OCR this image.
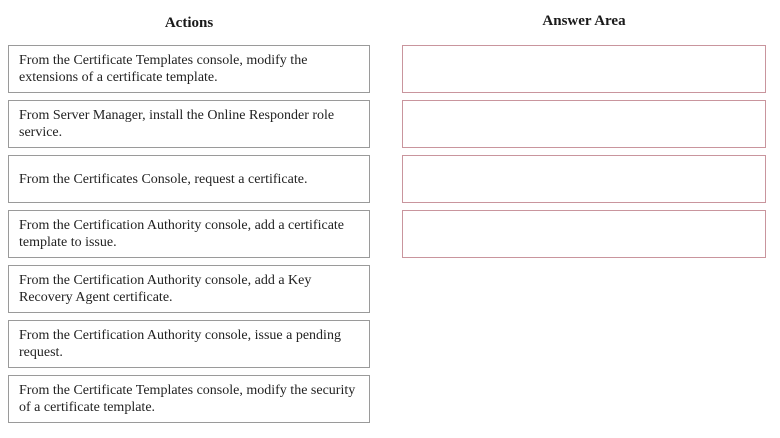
Actions	Answer Area
From the Certificate Templates console, modify the extensions of a certificate template.
From Server Manager, install the Online Responder role service.
From the Certificates Console, request a certificate.
From the Certification Authority console, add a certificate template to issue.
From the Certification Authority console, add a Key Recovery Agent certificate.
From the Certification Authority console, issue a pending request.
From the Certificate Templates console, modify the security of a certificate template.
